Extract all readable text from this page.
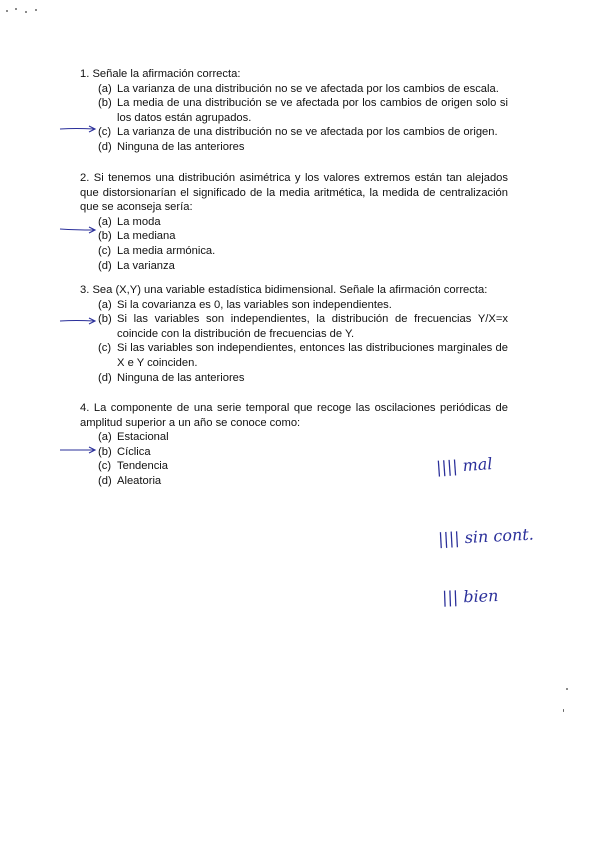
1. Señale la afirmación correcta:
(a) La varianza de una distribución no se ve afectada por los cambios de escala.
(b) La media de una distribución se ve afectada por los cambios de origen solo si los datos están agrupados.
(c) La varianza de una distribución no se ve afectada por los cambios de origen.
(d) Ninguna de las anteriores
2. Si tenemos una distribución asimétrica y los valores extremos están tan alejados que distorsionarían el significado de la media aritmética, la medida de centralización que se aconseja sería:
(a) La moda
(b) La mediana
(c) La media armónica.
(d) La varianza
3. Sea (X,Y) una variable estadística bidimensional. Señale la afirmación correcta:
(a) Si la covarianza es 0, las variables son independientes.
(b) Si las variables son independientes, la distribución de frecuencias Y/X=x coincide con la distribución de frecuencias de Y.
(c) Si las variables son independientes, entonces las distribuciones marginales de X e Y coinciden.
(d) Ninguna de las anteriores
4. La componente de una serie temporal que recoge las oscilaciones periódicas de amplitud superior a un año se conoce como:
(a) Estacional
(b) Cíclica
(c) Tendencia
(d) Aleatoria
|||| mal
|||| sin cont.
||| bien
